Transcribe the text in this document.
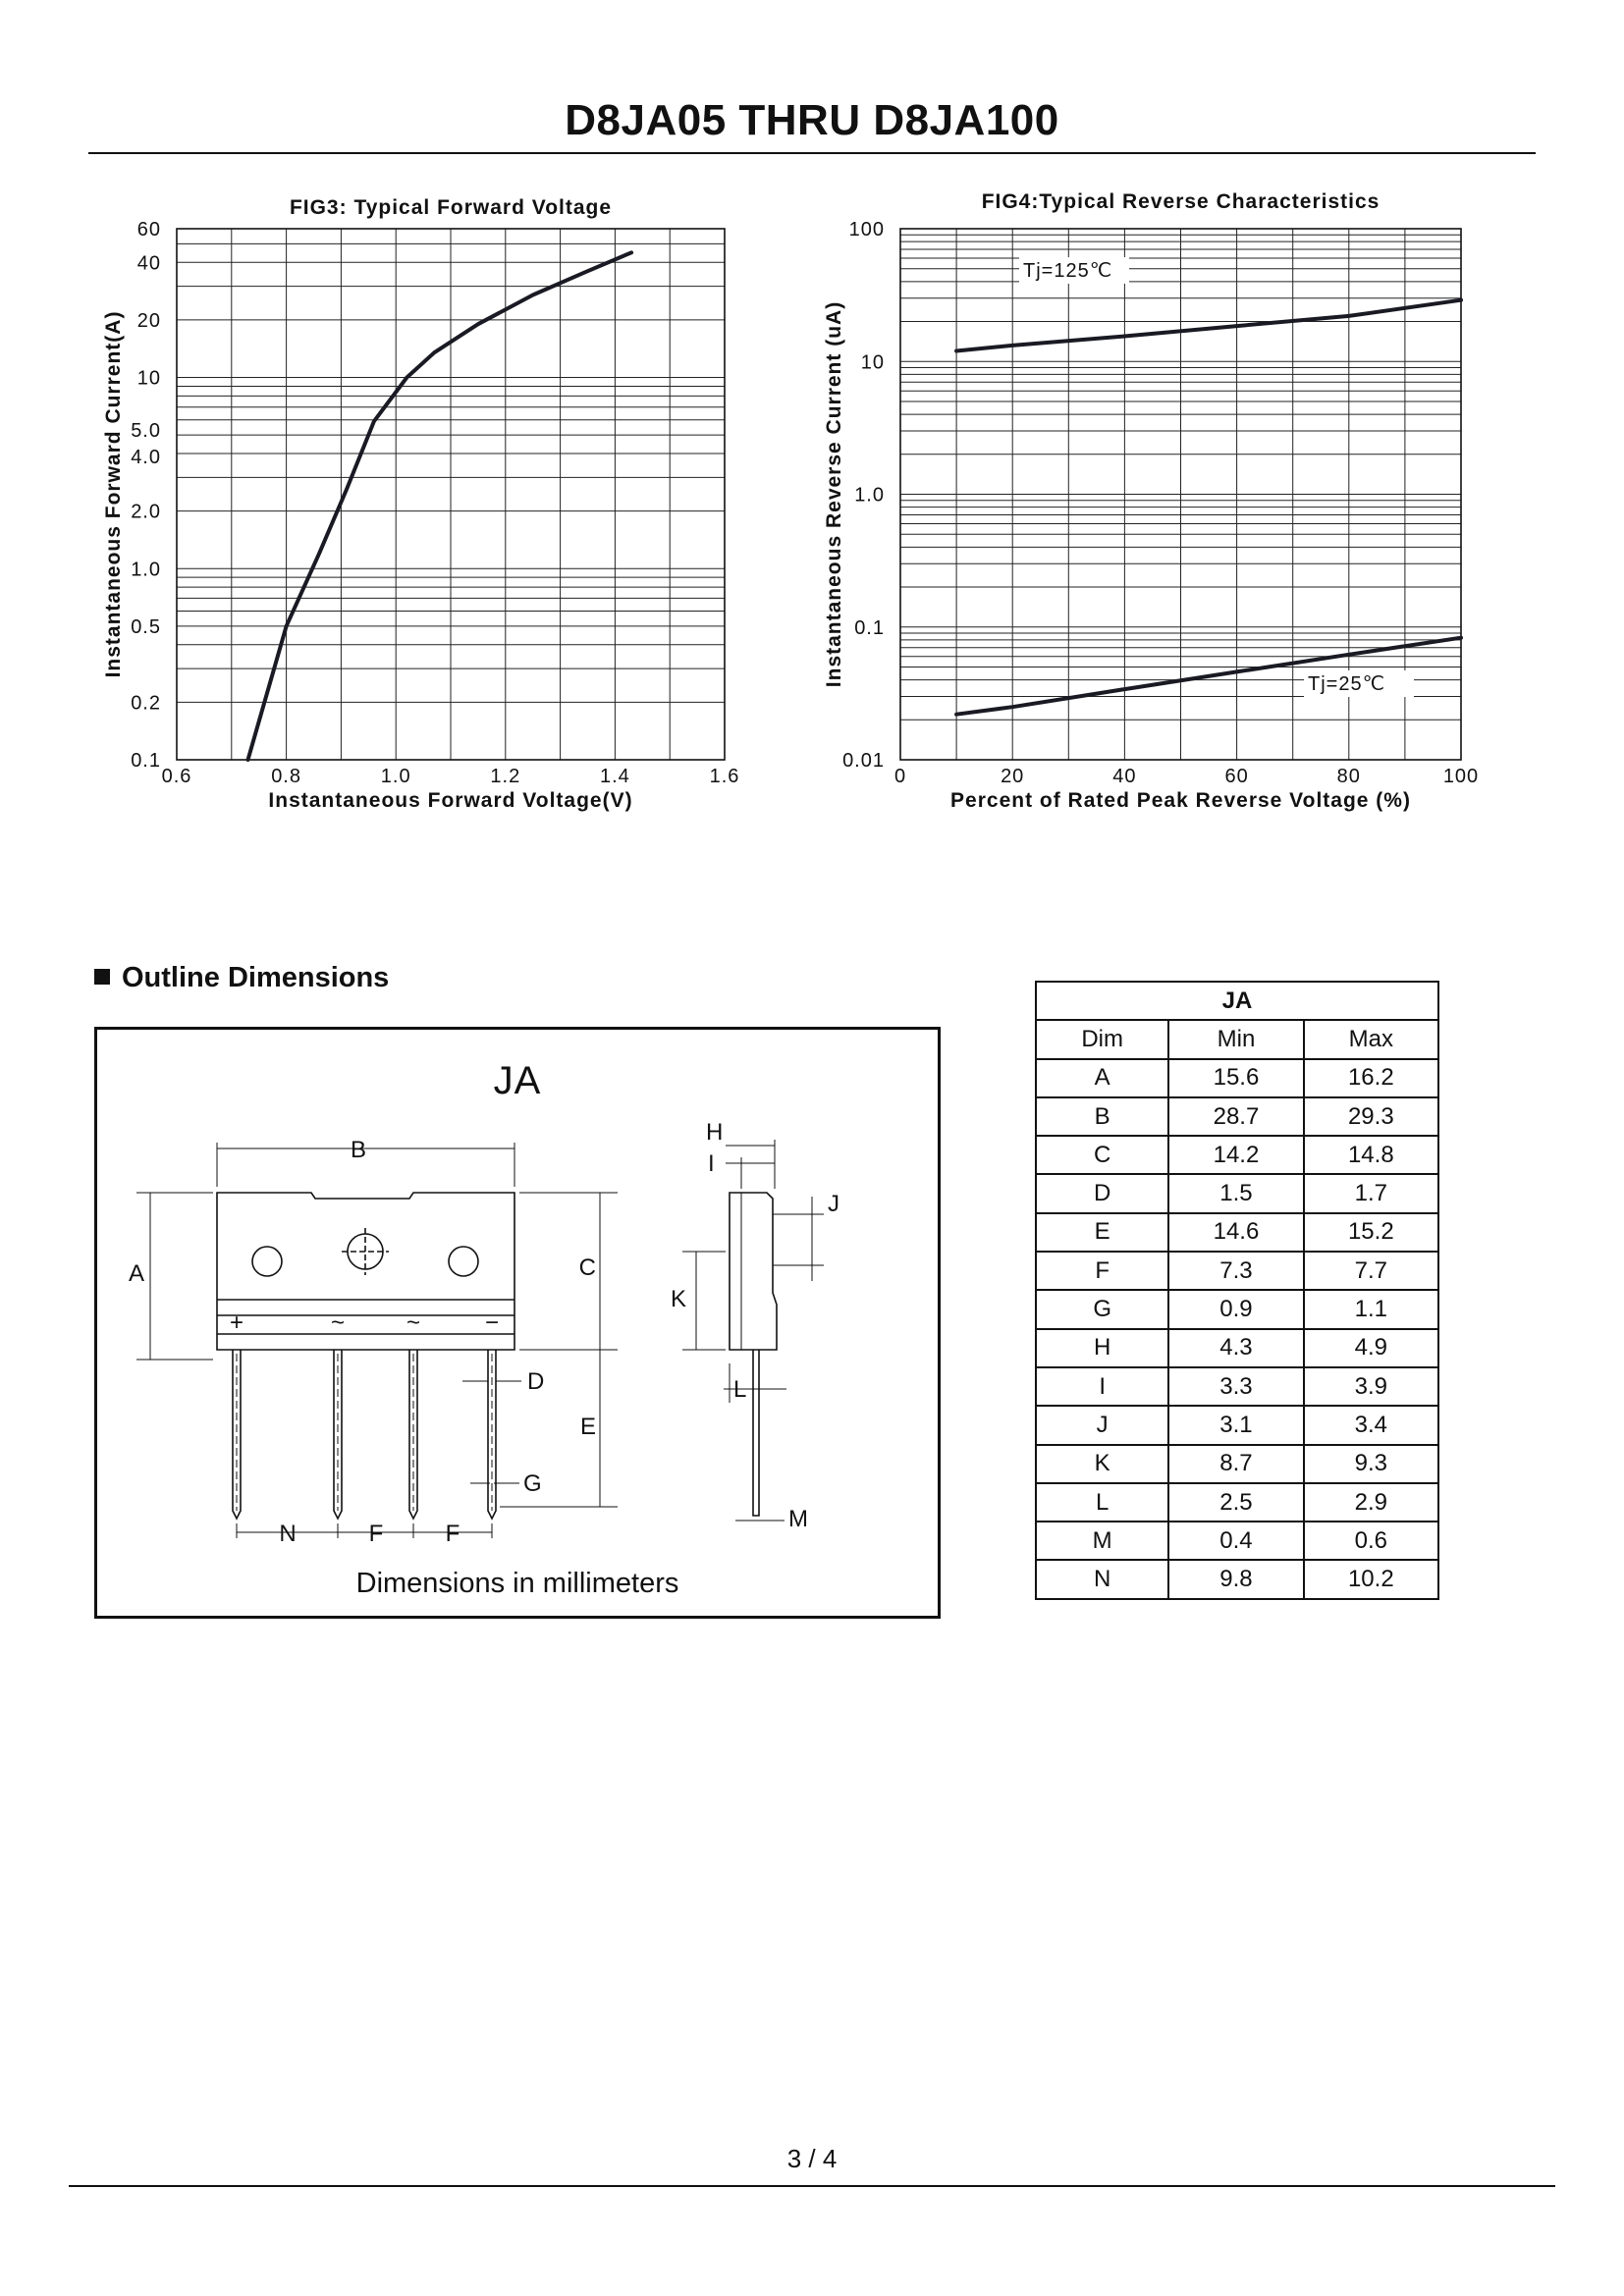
D8JA05 THRU D8JA100
FIG3: Typical Forward Voltage
0.6	0.8	1.0	1.2	1.4	1.6
60
40
20
10
5.0
4.0
2.0
1.0
0.5
0.2
0.1
Instantaneous Forward Voltage(V)
Instantaneous Forward Current(A)
FIG4:Typical Reverse Characteristics
0	20	40	60	80	100
100
10
1.0
0.1
0.01
Percent of Rated Peak Reverse Voltage (%)
Instantaneous Reverse Current (uA)
Tj=125℃
Tj=25℃
Outline Dimensions
JA
B
A	C
E
D
G
N	F	F
H
I
J
K
L
M
+	~	~	−
Dimensions in millimeters
JA		
Dim	Min	Max
A	15.6	16.2
B	28.7	29.3
C	14.2	14.8
D	1.5	1.7
E	14.6	15.2
F	7.3	7.7
G	0.9	1.1
H	4.3	4.9
I	3.3	3.9
J	3.1	3.4
K	8.7	9.3
L	2.5	2.9
M	0.4	0.6
N	9.8	10.2
3 / 4
